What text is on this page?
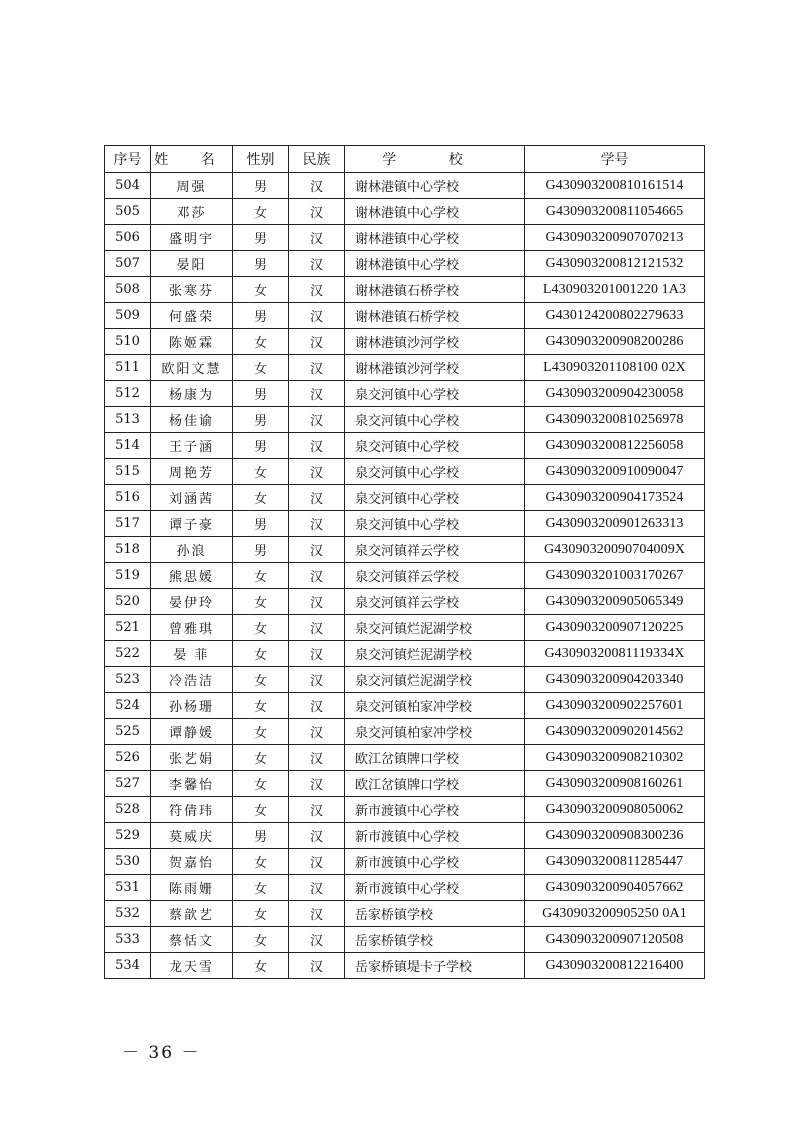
序号	姓 名	性别	民族	学 校	学号
504	周强	男	汉	谢林港镇中心学校	G430903200810161514
505	邓莎	女	汉	谢林港镇中心学校	G430903200811054665
506	盛明宇	男	汉	谢林港镇中心学校	G430903200907070213
507	晏阳	男	汉	谢林港镇中心学校	G430903200812121532
508	张寒芬	女	汉	谢林港镇石桥学校	L430903201001220 1A3
509	何盛荣	男	汉	谢林港镇石桥学校	G430124200802279633
510	陈姬霖	女	汉	谢林港镇沙河学校	G430903200908200286
511	欧阳文慧	女	汉	谢林港镇沙河学校	L430903201108100 02X
512	杨康为	男	汉	泉交河镇中心学校	G430903200904230058
513	杨佳谕	男	汉	泉交河镇中心学校	G430903200810256978
514	王子涵	男	汉	泉交河镇中心学校	G430903200812256058
515	周艳芳	女	汉	泉交河镇中心学校	G430903200910090047
516	刘涵茜	女	汉	泉交河镇中心学校	G430903200904173524
517	谭子豪	男	汉	泉交河镇中心学校	G430903200901263313
518	孙浪	男	汉	泉交河镇祥云学校	G43090320090704009X
519	熊思媛	女	汉	泉交河镇祥云学校	G430903201003170267
520	晏伊玲	女	汉	泉交河镇祥云学校	G430903200905065349
521	曾雅琪	女	汉	泉交河镇烂泥湖学校	G430903200907120225
522	晏 菲	女	汉	泉交河镇烂泥湖学校	G43090320081119334X
523	冷浩洁	女	汉	泉交河镇烂泥湖学校	G430903200904203340
524	孙杨珊	女	汉	泉交河镇柏家冲学校	G430903200902257601
525	谭静媛	女	汉	泉交河镇柏家冲学校	G430903200902014562
526	张艺娟	女	汉	欧江岔镇牌口学校	G430903200908210302
527	李馨怡	女	汉	欧江岔镇牌口学校	G430903200908160261
528	符倩玮	女	汉	新市渡镇中心学校	G430903200908050062
529	莫威庆	男	汉	新市渡镇中心学校	G430903200908300236
530	贺嘉怡	女	汉	新市渡镇中心学校	G430903200811285447
531	陈雨姗	女	汉	新市渡镇中心学校	G430903200904057662
532	蔡歆艺	女	汉	岳家桥镇学校	G430903200905250 0A1
533	蔡恬文	女	汉	岳家桥镇学校	G430903200907120508
534	龙天雪	女	汉	岳家桥镇堤卡子学校	G430903200812216400
－ 36 －
